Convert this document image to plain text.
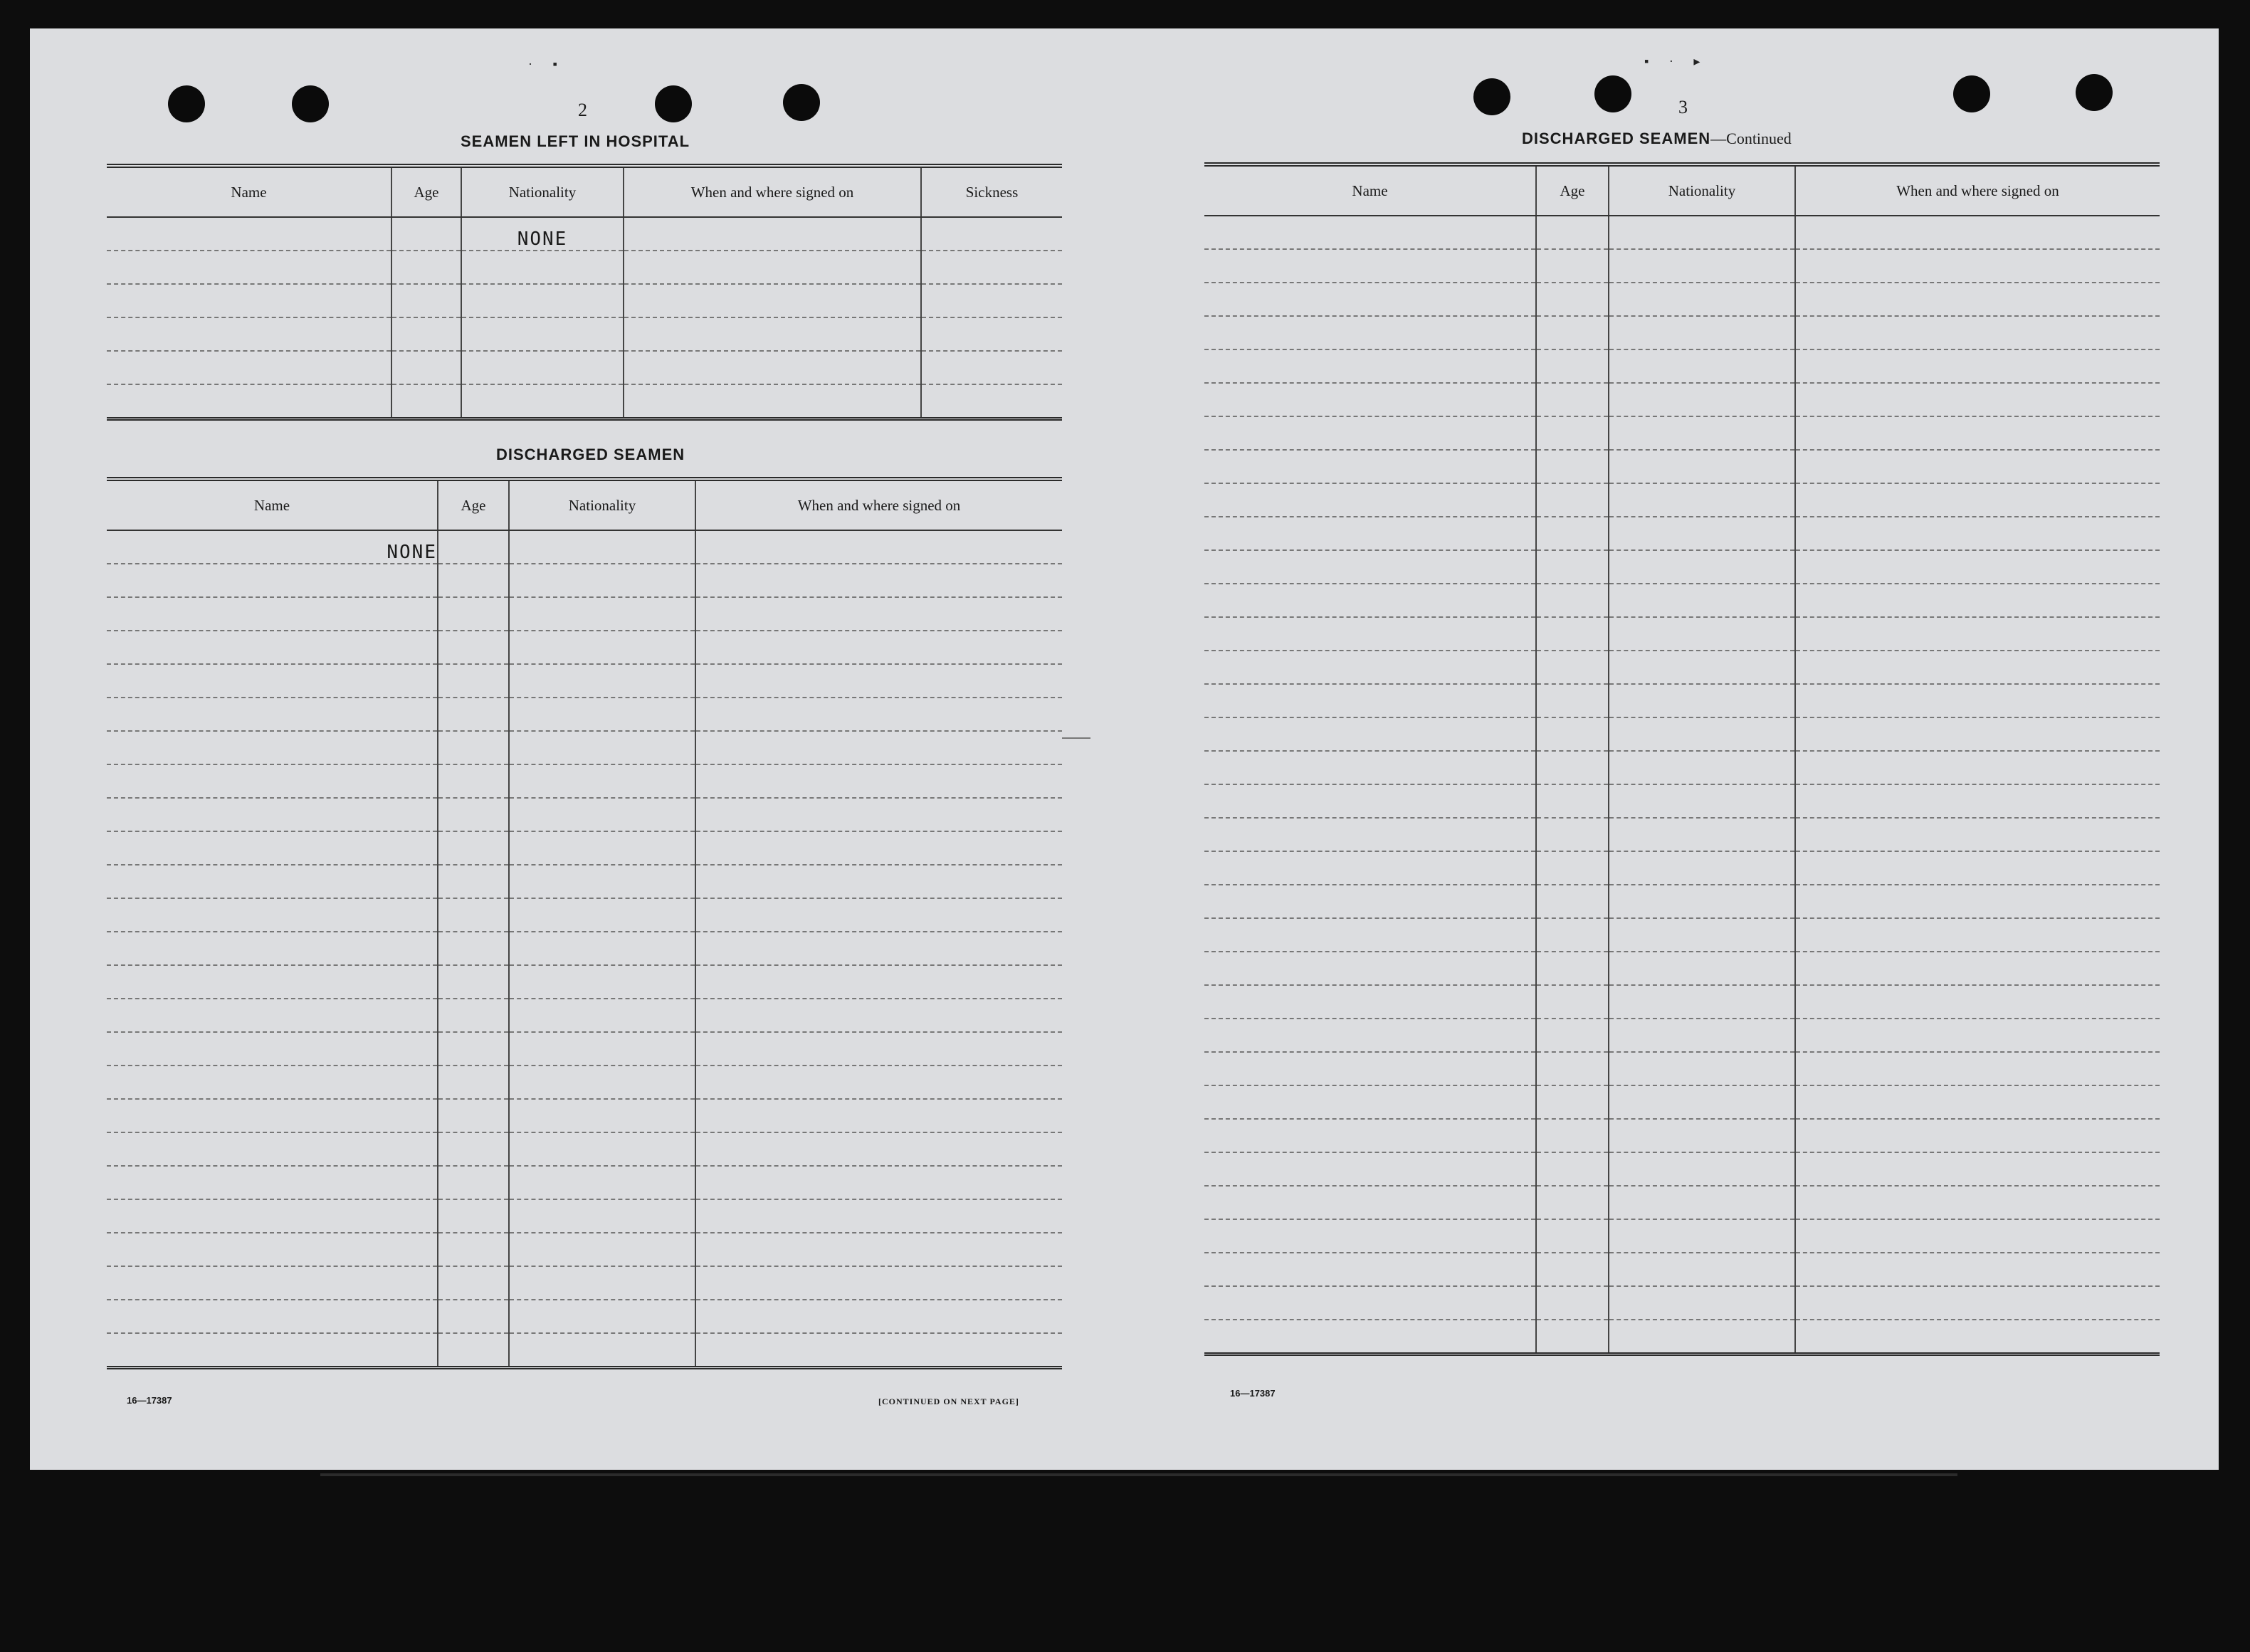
· ▪	▪ · ▸
2
SEAMEN LEFT IN HOSPITAL
Name	Age	Nationality	When and where signed on	Sickness
		NONE		

DISCHARGED SEAMEN
Name	Age	Nationality	When and where signed on
NONE			

16—17387	[CONTINUED ON NEXT PAGE]
3
DISCHARGED SEAMEN—Continued
Name	Age	Nationality	When and where signed on

16—17387
